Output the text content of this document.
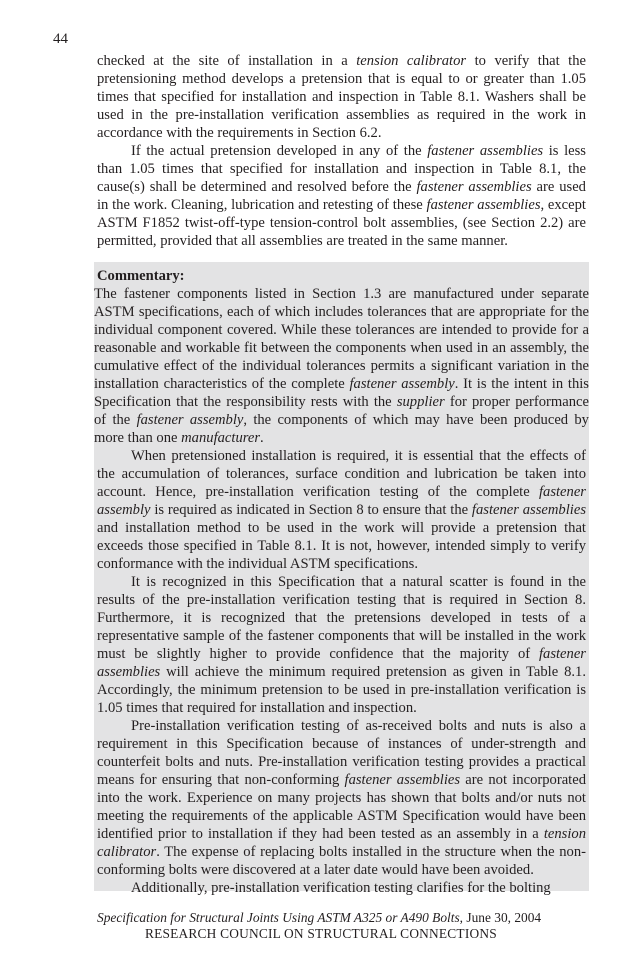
44

checked at the site of installation in a tension calibrator to verify that the pretensioning method develops a pretension that is equal to or greater than 1.05 times that specified for installation and inspection in Table 8.1. Washers shall be used in the pre-installation verification assemblies as required in the work in accordance with the requirements in Section 6.2.

If the actual pretension developed in any of the fastener assemblies is less than 1.05 times that specified for installation and inspection in Table 8.1, the cause(s) shall be determined and resolved before the fastener assemblies are used in the work. Cleaning, lubrication and retesting of these fastener assemblies, except ASTM F1852 twist-off-type tension-control bolt assemblies, (see Section 2.2) are permitted, provided that all assemblies are treated in the same manner.

Commentary:

The fastener components listed in Section 1.3 are manufactured under separate ASTM specifications, each of which includes tolerances that are appropriate for the individual component covered. While these tolerances are intended to provide for a reasonable and workable fit between the components when used in an assembly, the cumulative effect of the individual tolerances permits a significant variation in the installation characteristics of the complete fastener assembly. It is the intent in this Specification that the responsibility rests with the supplier for proper performance of the fastener assembly, the components of which may have been produced by more than one manufacturer.

When pretensioned installation is required, it is essential that the effects of the accumulation of tolerances, surface condition and lubrication be taken into account. Hence, pre-installation verification testing of the complete fastener assembly is required as indicated in Section 8 to ensure that the fastener assemblies and installation method to be used in the work will provide a pretension that exceeds those specified in Table 8.1. It is not, however, intended simply to verify conformance with the individual ASTM specifications.

It is recognized in this Specification that a natural scatter is found in the results of the pre-installation verification testing that is required in Section 8. Furthermore, it is recognized that the pretensions developed in tests of a representative sample of the fastener components that will be installed in the work must be slightly higher to provide confidence that the majority of fastener assemblies will achieve the minimum required pretension as given in Table 8.1. Accordingly, the minimum pretension to be used in pre-installation verification is 1.05 times that required for installation and inspection.

Pre-installation verification testing of as-received bolts and nuts is also a requirement in this Specification because of instances of under-strength and counterfeit bolts and nuts. Pre-installation verification testing provides a practical means for ensuring that non-conforming fastener assemblies are not incorporated into the work. Experience on many projects has shown that bolts and/or nuts not meeting the requirements of the applicable ASTM Specification would have been identified prior to installation if they had been tested as an assembly in a tension calibrator. The expense of replacing bolts installed in the structure when the non-conforming bolts were discovered at a later date would have been avoided.

Additionally, pre-installation verification testing clarifies for the bolting

Specification for Structural Joints Using ASTM A325 or A490 Bolts, June 30, 2004
RESEARCH COUNCIL ON STRUCTURAL CONNECTIONS
